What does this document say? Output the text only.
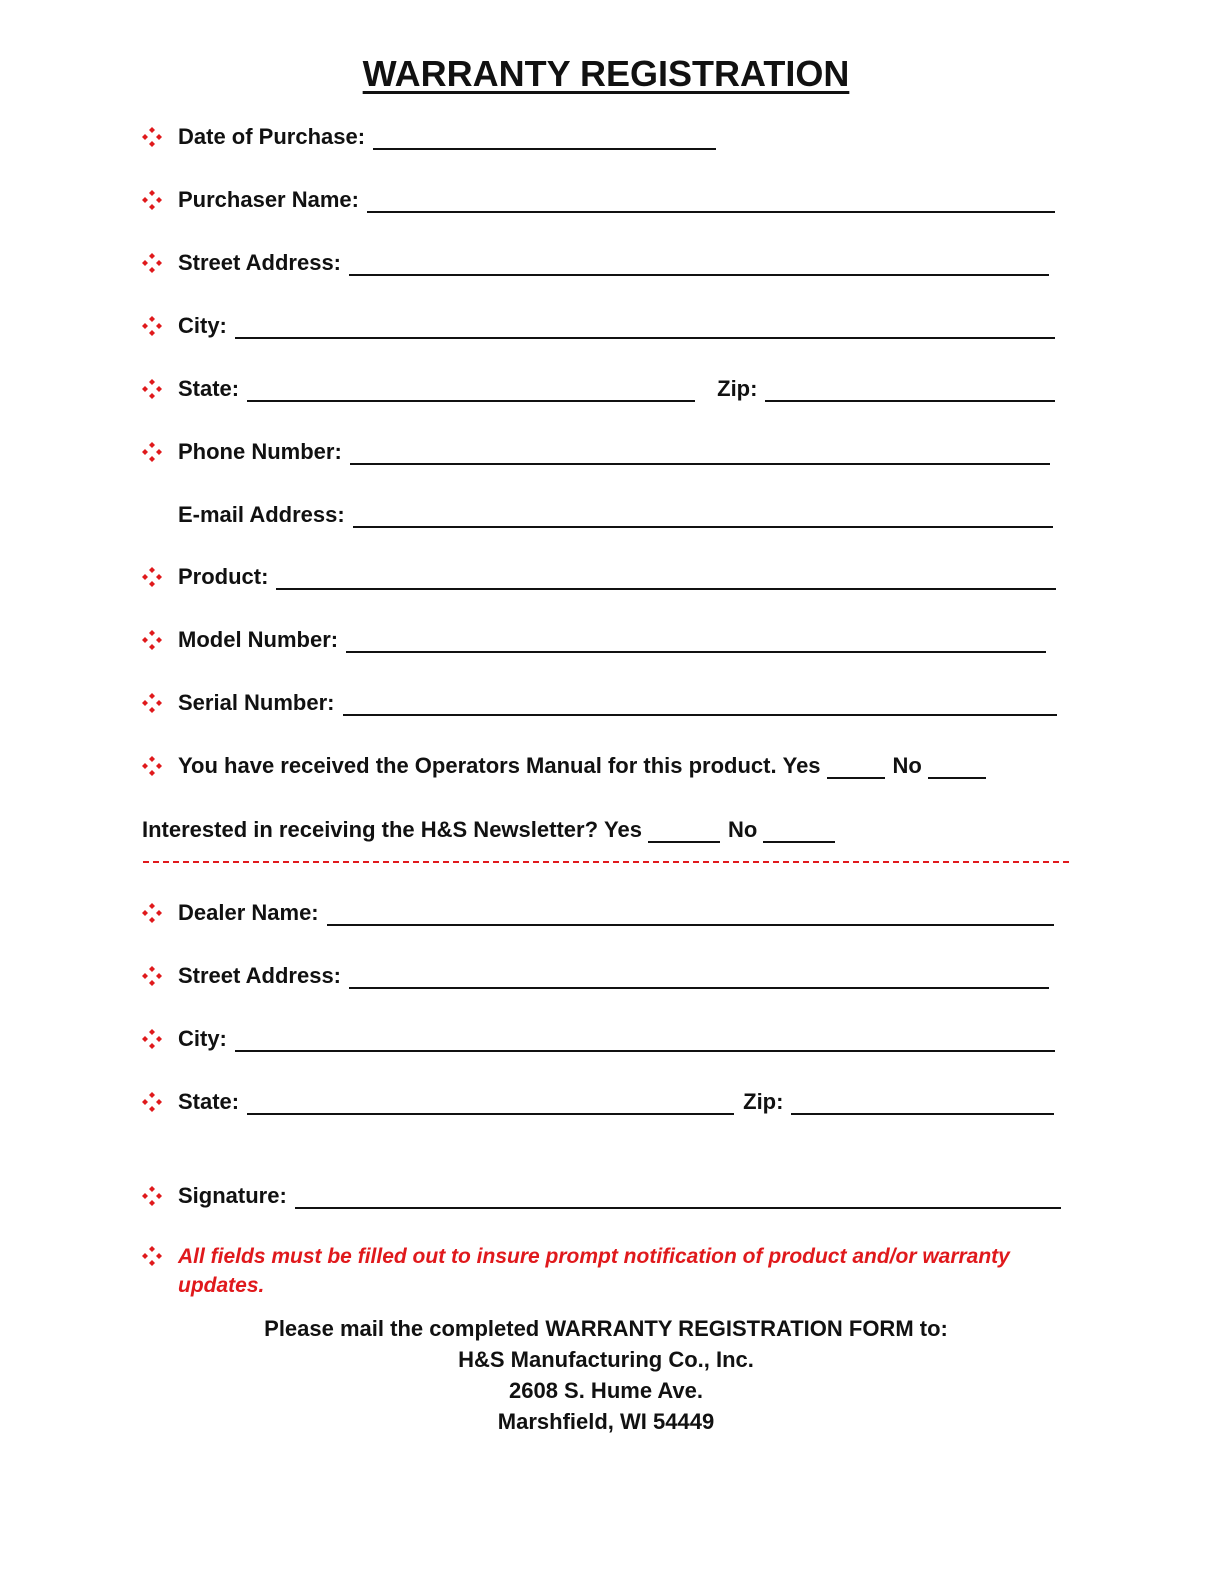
WARRANTY REGISTRATION
Date of Purchase:
Purchaser Name:
Street Address:
City:
State:	Zip:
Phone Number:
E-mail Address:
Product:
Model Number:
Serial Number:
You have received the Operators Manual for this product. Yes	No
Interested in receiving the H&S Newsletter? Yes	No
Dealer Name:
Street Address:
City:
State:	Zip:
Signature:
All fields must be filled out to insure prompt notification of product and/or warranty updates.
Please mail the completed WARRANTY REGISTRATION FORM to:
H&S Manufacturing Co., Inc.
2608 S. Hume Ave.
Marshfield, WI 54449
